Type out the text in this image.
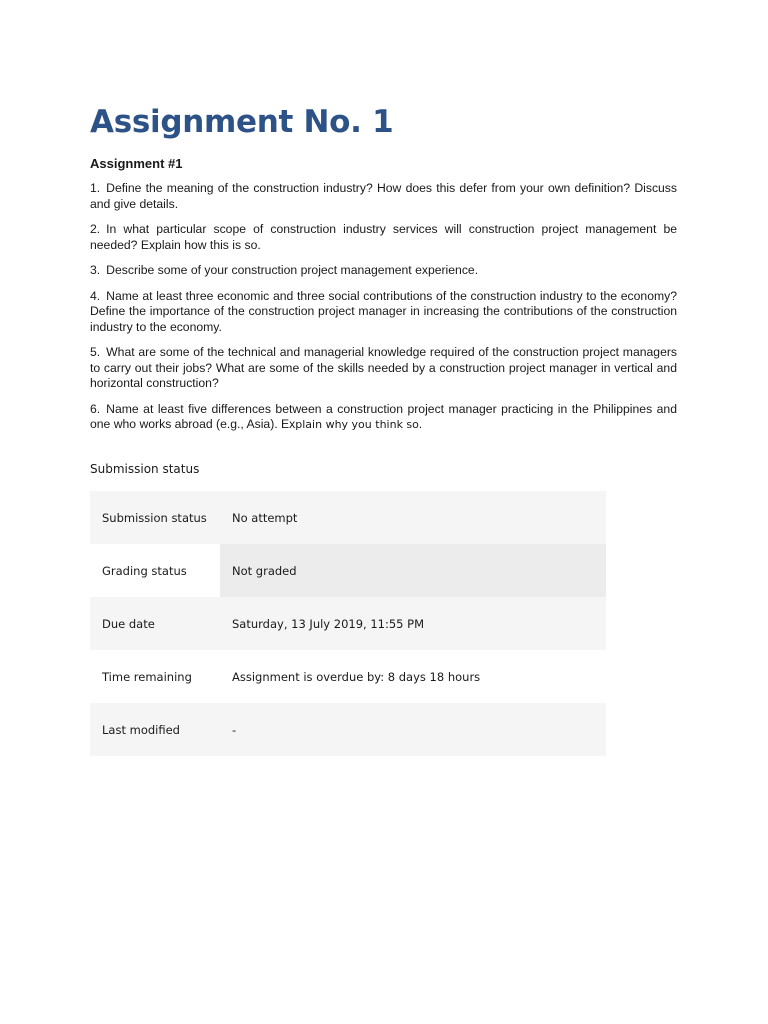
Assignment No. 1
Assignment #1
1. Define the meaning of the construction industry? How does this defer from your own definition? Discuss and give details.
2. In what particular scope of construction industry services will construction project management be needed? Explain how this is so.
3. Describe some of your construction project management experience.
4. Name at least three economic and three social contributions of the construction industry to the economy? Define the importance of the construction project manager in increasing the contributions of the construction industry to the economy.
5. What are some of the technical and managerial knowledge required of the construction project managers to carry out their jobs? What are some of the skills needed by a construction project manager in vertical and horizontal construction?
6. Name at least five differences between a construction project manager practicing in the Philippines and one who works abroad (e.g., Asia). Explain why you think so.
Submission status
Submission status	No attempt
Grading status	Not graded
Due date	Saturday, 13 July 2019, 11:55 PM
Time remaining	Assignment is overdue by: 8 days 18 hours
Last modified	-
